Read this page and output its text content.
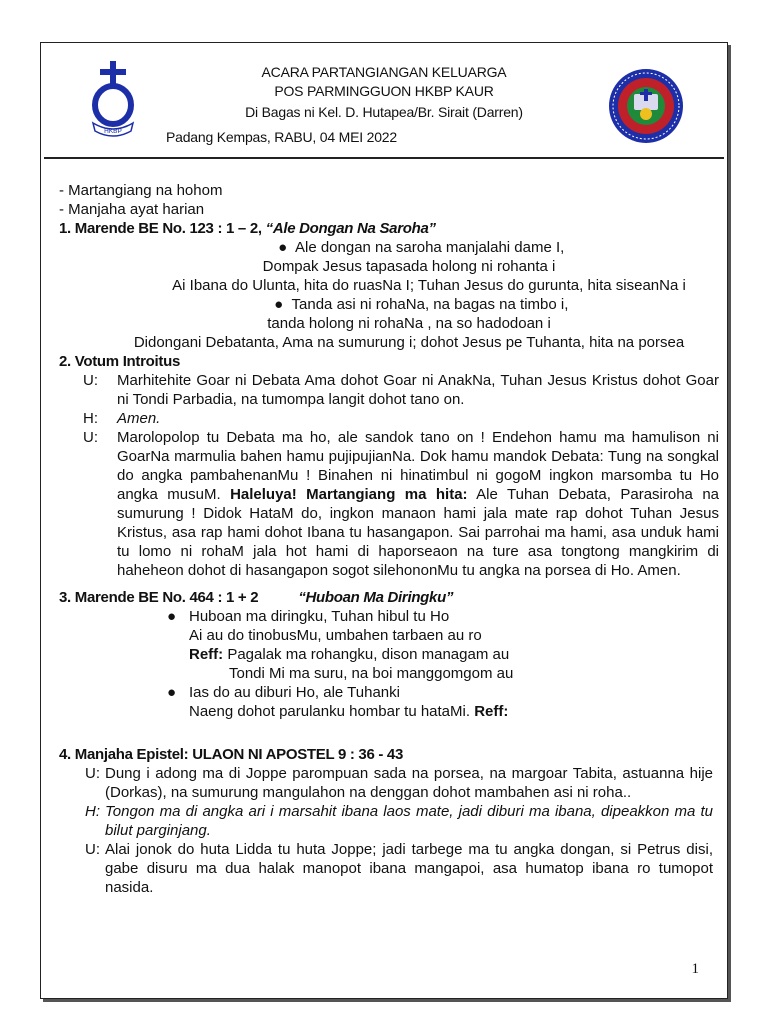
HKBP
ACARA PARTANGIANGAN KELUARGA
POS PARMINGGUON HKBP KAUR
Di Bagas ni Kel. D. Hutapea/Br. Sirait (Darren)
Padang Kempas, RABU, 04 MEI 2022
- Martangiang na hohom
- Manjaha ayat harian
1. Marende BE No. 123 : 1 – 2, “Ale Dongan Na Saroha”
● Ale dongan na saroha manjalahi dame I,
Dompak Jesus tapasada holong ni rohanta i
Ai Ibana do Ulunta, hita do ruasNa I; Tuhan Jesus do gurunta, hita siseanNa i
● Tanda asi ni rohaNa, na bagas na timbo i,
tanda holong ni rohaNa , na so hadodoan i
Didongani Debatanta, Ama na sumurung i; dohot Jesus pe Tuhanta, hita na porsea
2. Votum Introitus
U:	Marhitehite Goar ni Debata Ama dohot Goar ni AnakNa, Tuhan Jesus Kristus dohot Goar ni Tondi Parbadia, na tumompa langit dohot tano on.
H:	Amen.
U:	Marolopolop tu Debata ma ho, ale sandok tano on ! Endehon hamu ma hamulison ni GoarNa marmulia bahen hamu pujipujianNa. Dok hamu mandok Debata: Tung na songkal do angka pambahenanMu ! Binahen ni hinatimbul ni gogoM ingkon marsomba tu Ho angka musuM. Haleluya! Martangiang ma hita: Ale Tuhan Debata, Parasiroha na sumurung ! Didok HataM do, ingkon manaon hami jala mate rap dohot Tuhan Jesus Kristus, asa rap hami dohot Ibana tu hasangapon. Sai parrohai ma hami, asa unduk hami tu lomo ni rohaM jala hot hami di haporseaon na ture asa tongtong mangkirim di haheheon dohot di hasangapon sogot silehononMu tu angka na porsea di Ho. Amen.
3. Marende BE No. 464 : 1 + 2	“Huboan Ma Diringku”
● Huboan ma diringku, Tuhan hibul tu Ho
Ai au do tinobusMu, umbahen tarbaen au ro
Reff: Pagalak ma rohangku, dison managam au
Tondi Mi ma suru, na boi manggomgom au
● Ias do au diburi Ho, ale Tuhanki
Naeng dohot parulanku hombar tu hataMi. Reff:
4. Manjaha Epistel: ULAON NI APOSTEL 9 : 36 - 43
U: Dung i adong ma di Joppe parompuan sada na porsea, na margoar Tabita, astuanna hije (Dorkas), na sumurung mangulahon na denggan dohot mambahen asi ni roha..
H: Tongon ma di angka ari i marsahit ibana laos mate, jadi diburi ma ibana, dipeakkon ma tu bilut parginjang.
U: Alai jonok do huta Lidda tu huta Joppe; jadi tarbege ma tu angka dongan, si Petrus disi, gabe disuru ma dua halak manopot ibana mangapoi, asa humatop ibana ro tumopot nasida.
1
